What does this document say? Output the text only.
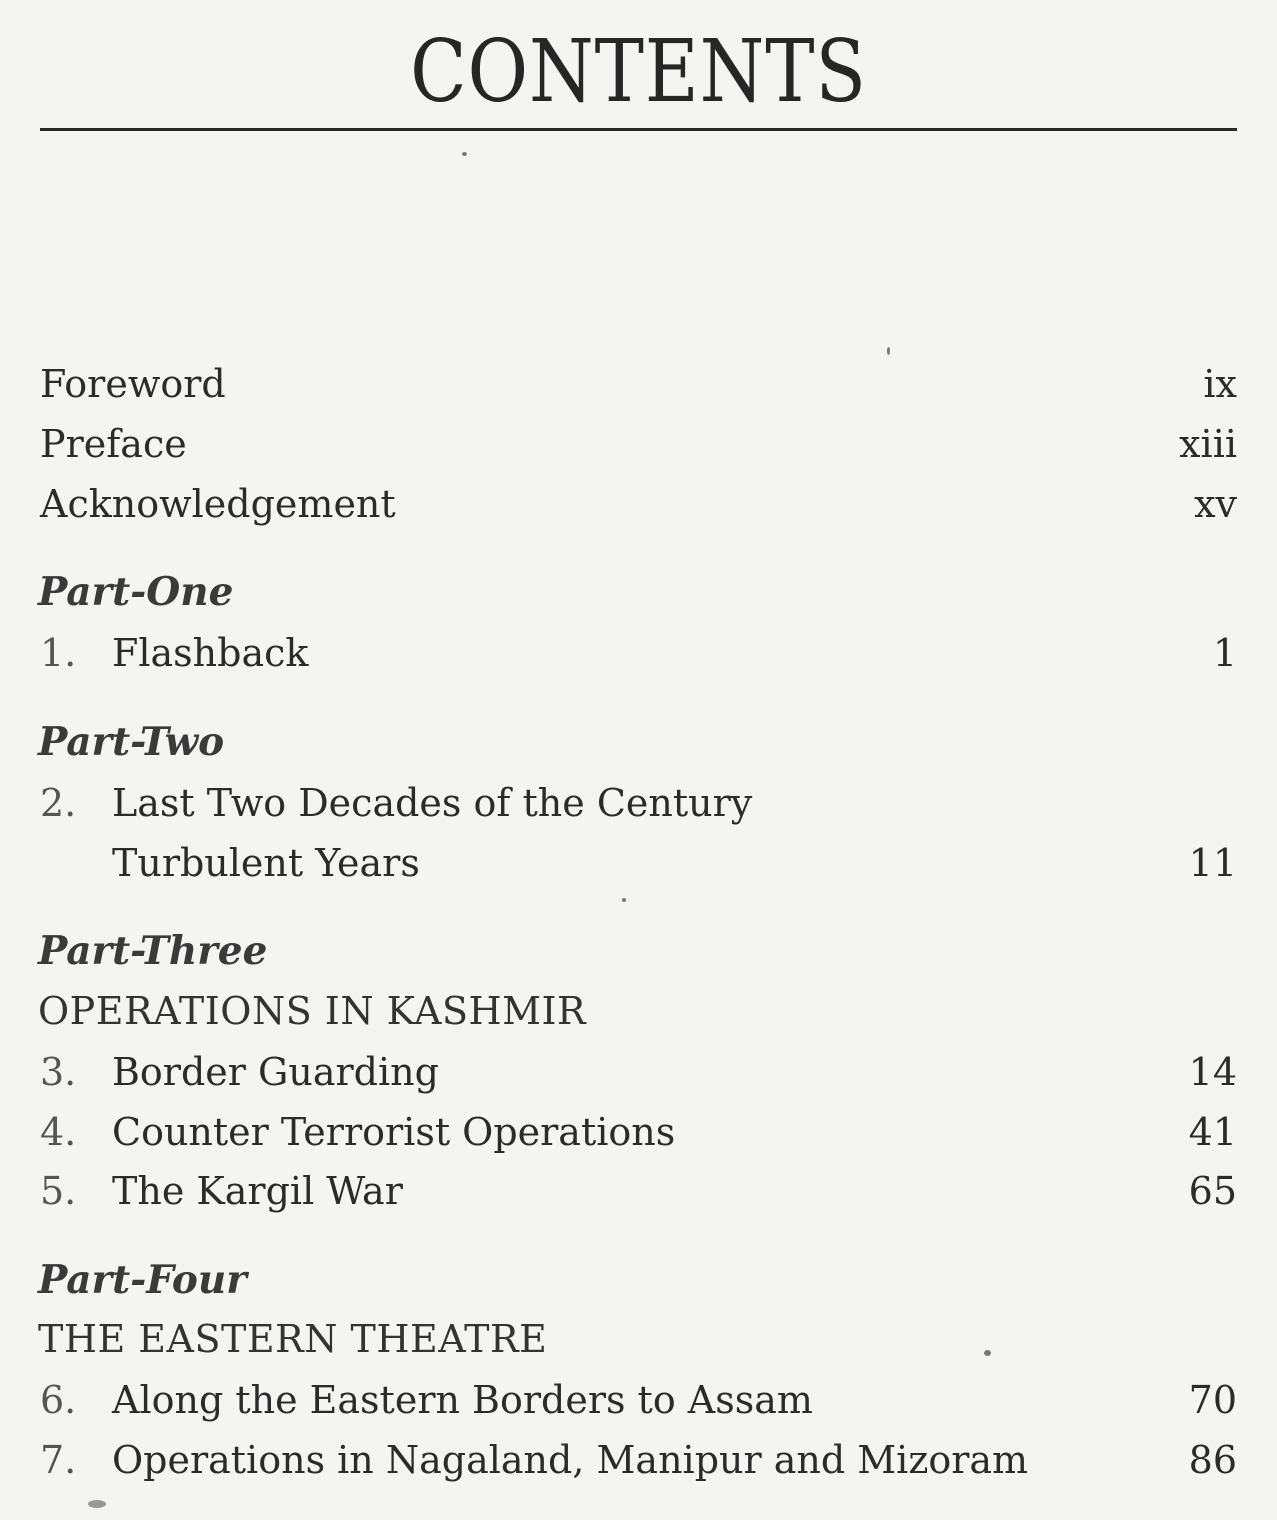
CONTENTS
Foreword	ix
Preface	xiii
Acknowledgement	xv
Part-One
1. Flashback	1
Part-Two
2. Last Two Decades of the Century
Turbulent Years	11
Part-Three
OPERATIONS IN KASHMIR
3. Border Guarding	14
4. Counter Terrorist Operations	41
5. The Kargil War	65
Part-Four
THE EASTERN THEATRE
6. Along the Eastern Borders to Assam	70
7. Operations in Nagaland, Manipur and Mizoram	86
